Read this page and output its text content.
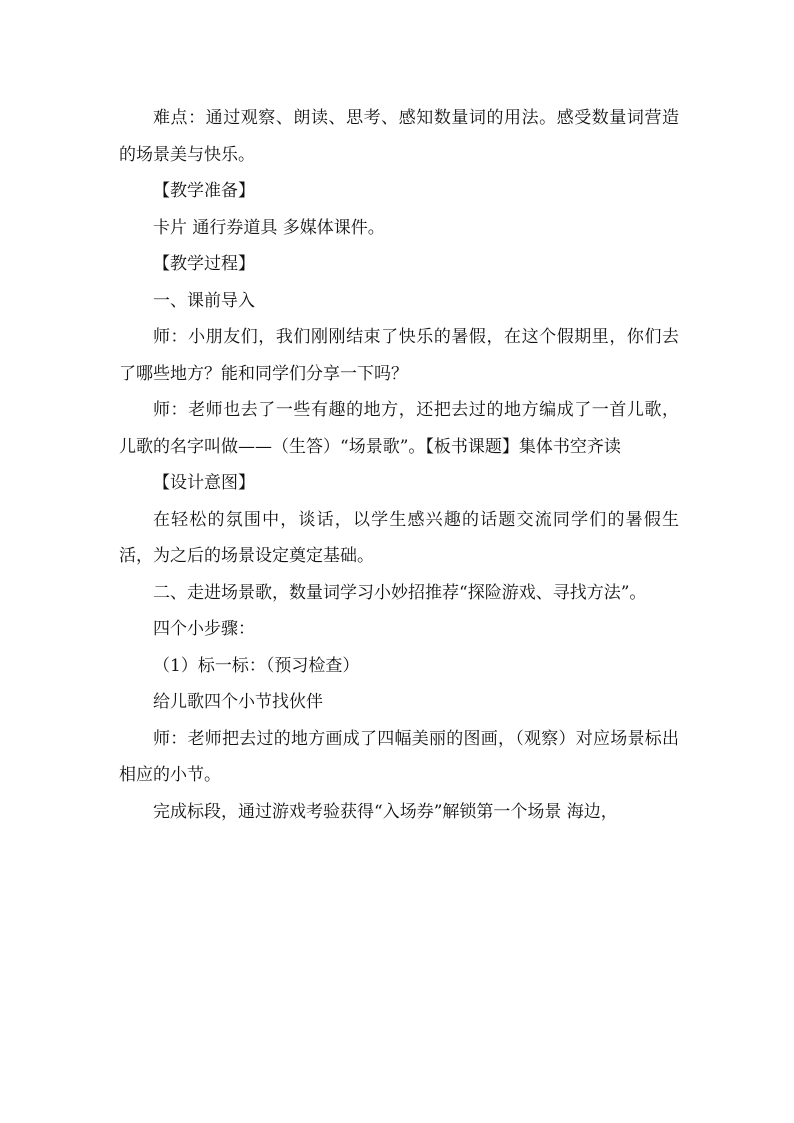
难点：通过观察、朗读、思考、感知数量词的用法。感受数量词营造的场景美与快乐。

【教学准备】

卡片 通行券道具 多媒体课件。

【教学过程】

一、课前导入

师：小朋友们，我们刚刚结束了快乐的暑假，在这个假期里，你们去了哪些地方？能和同学们分享一下吗？

师：老师也去了一些有趣的地方，还把去过的地方编成了一首儿歌，儿歌的名字叫做——（生答）“场景歌”。【板书课题】集体书空齐读

【设计意图】

在轻松的氛围中，谈话，以学生感兴趣的话题交流同学们的暑假生活，为之后的场景设定奠定基础。

二、走进场景歌，数量词学习小妙招推荐“探险游戏、寻找方法”。

四个小步骤：

（1）标一标：（预习检查）

给儿歌四个小节找伙伴

师：老师把去过的地方画成了四幅美丽的图画，（观察）对应场景标出相应的小节。

完成标段，通过游戏考验获得“入场券”解锁第一个场景 海边，
